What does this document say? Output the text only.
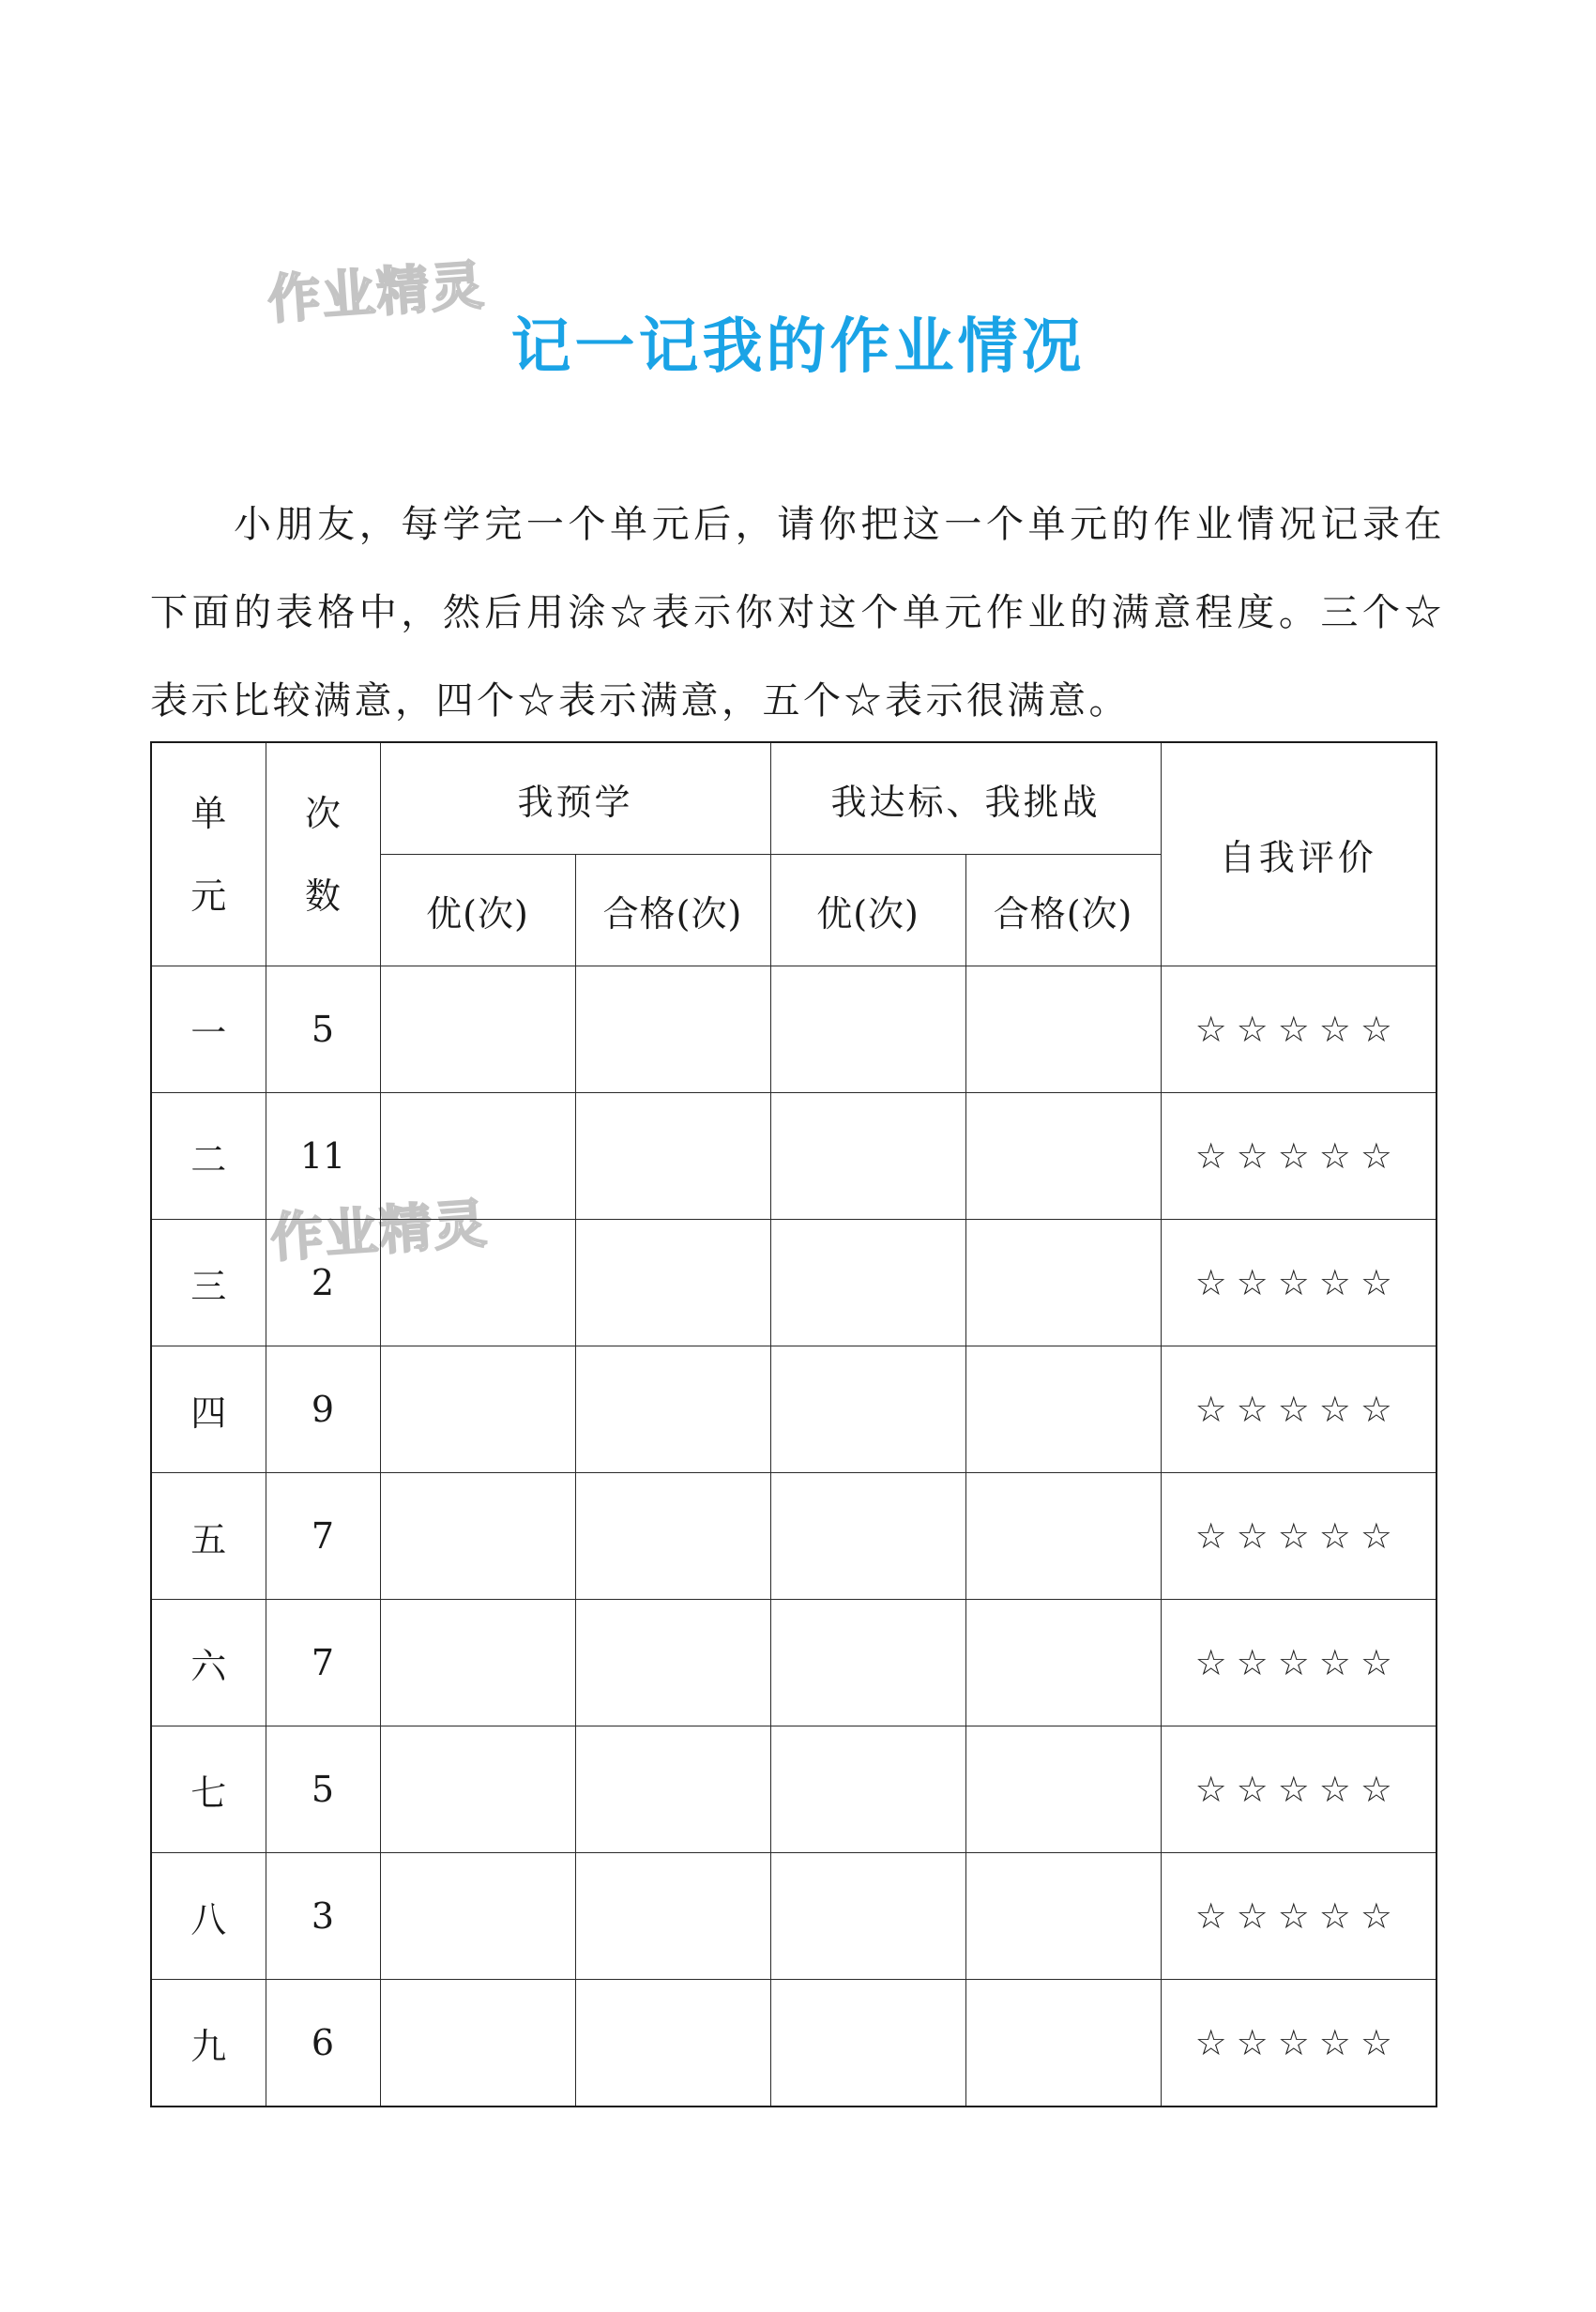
作业精灵
作业精灵
记一记我的作业情况

小朋友，每学完一个单元后，请你把这一个单元的作业情况记录在下面的表格中，然后用涂☆表示你对这个单元作业的满意程度。三个☆表示比较满意，四个☆表示满意，五个☆表示很满意。

单元	次数	我预学		我达标、我挑战		自我评价
		优(次)	合格(次)	优(次)	合格(次)	
一	5					☆☆☆☆☆
二	11					☆☆☆☆☆
三	2					☆☆☆☆☆
四	9					☆☆☆☆☆
五	7					☆☆☆☆☆
六	7					☆☆☆☆☆
七	5					☆☆☆☆☆
八	3					☆☆☆☆☆
九	6					☆☆☆☆☆
